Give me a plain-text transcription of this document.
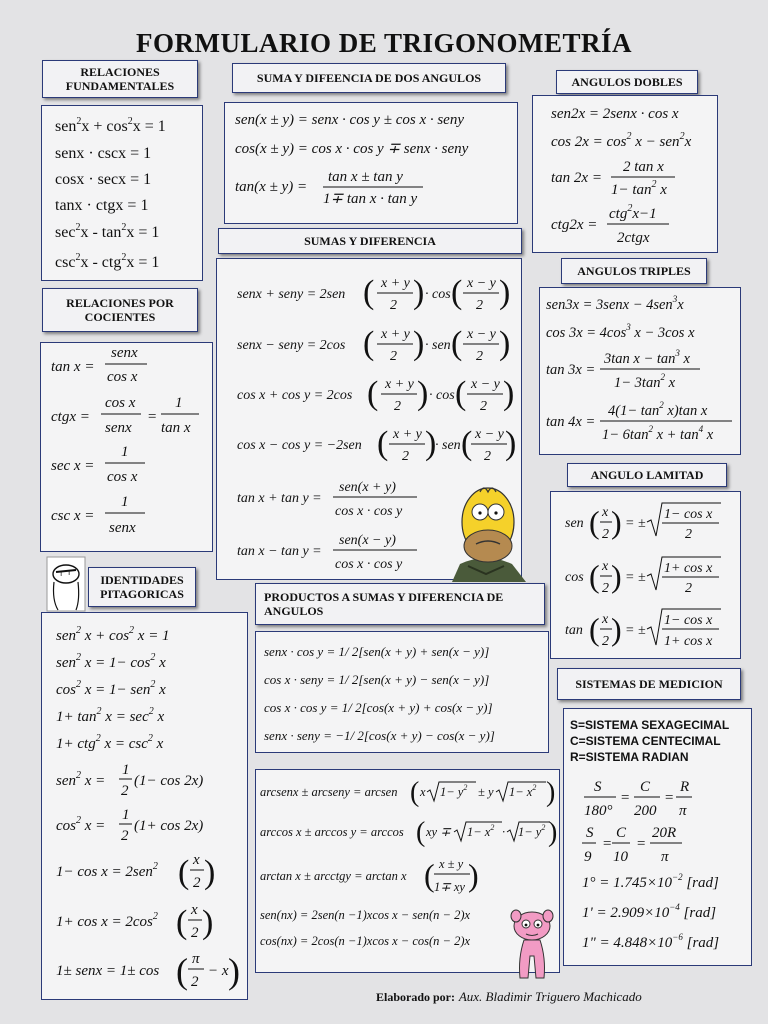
FORMULARIO DE TRIGONOMETRÍA
RELACIONES FUNDAMENTALES
$sen^2x + \cos^2x = 1$
senx · cscx = 1
cosx · secx = 1
tanx · ctgx = 1
$\sec^2x - \tan^2x = 1$
$\csc^2x - ctg^2x = 1$
SUMA Y DIFEENCIA DE DOS ANGULOS
sen(x ± y) = senx · cos y ± cos x · seny
cos(x ± y) = cos x · cos y ∓ senx · seny
tan(x ± y) =
tan x ± tan y
1∓ tan x · tan y
ANGULOS DOBLES
sen2x = 2senx · cos x
$\cos 2x = \cos^2 x - sen^2x$
tan 2x =
2 tan x
$1- \tan^2 x$
ctg2x =
ctg$^2$x−1
2ctgx
SUMAS Y DIFERENCIA
senx + seny = 2sen ( x + y
2 ) · cos ( x − y
2 )
senx − seny = 2cos ( x + y
2 ) · sen ( x − y
2 )
cos x + cos y = 2cos ( x + y
2 ) · cos ( x − y
2 )
cos x − cos y = −2sen ( x + y
2 )
· sen ( x − y
2 )
tan x + tan y =
sen(x + y)
cos x · cos y
tan x − tan y =
sen(x − y)
cos x · cos y
ANGULOS TRIPLES
sen3x = 3senx − 4sen$^3$x
$\cos 3x = 4\cos^3$ x − 3cos x
tan 3x =
3tan $x - \tan^3 x$
$1- 3\tan^2$ x
tan 4x =
$4(1- \tan^2 x)\tan$ x
$1- 6\tan^2$ $x + \tan^4 x$
RELACIONES POR COCIENTES
tan x =
senx
cos x
ctgx =
cos x
senx
=
1
tan x
sec x =
1
cos x
csc x =
1
senx
ANGULO LAMITAD
sen ( x
2 ) = ±
1− cos x
2
cos ( x
2 ) = ±
1+ cos x
2
tan ( x
2 ) = ±
1− cos x
1+ cos x
T T	IDENTIDADES PITAGORICAS
sen$^2$ $x + \cos^2 x = 1$
sen$^2$ $x = 1- \cos^2 x$
$\cos^2 x = 1- sen^2$ x
$1+ \tan^2 x = \sec^2 x$
1+ ctg$^2$ $x = \csc^2 x$
sen$^2$ x =
1
2
(1− cos 2x)
$\cos^2 x$ =
1
2
(1+ cos 2x)
1− cos x = 2sen$^2$ ( x
2 )
$1+ \cos x = 2\cos^2$ ( x
2 )
1± senx = 1± cos ( π
2
− x )
PRODUCTOS A SUMAS Y DIFERENCIA DE ANGULOS
senx · cos y = 1/ 2[sen(x + y) + sen(x − y)]
cos x · seny = 1/ 2[sen(x + y) − sen(x − y)]
cos x · cos y = 1/ 2[cos(x + y) + cos(x − y)]
senx · seny = −1/ 2[cos(x + y) − cos(x − y)]
arcsenx ± arcseny = arcsen ( x $1- y^2 \pm y$ $1- x^2$ )
arccos x ± arccos y = arccos ( xy ∓ $1- x^2 \cdot 1- y^2$ )
arctan x ± arcctgy = arctan x ( x ± y
1∓ xy )
sen(nx) = 2sen(n −1)xcos x − sen(n − 2)x
cos(nx) = 2cos(n −1)xcos x − cos(n − 2)x
SISTEMAS DE MEDICION
S=SISTEMA SEXAGECIMAL
C=SISTEMA CENTECIMAL
R=SISTEMA RADIAN
S
180°
=
C
200
=
R
π
S
9
=
C
10
=
20R
π
$1^\circ = 1.745\times 10^{-2}$ [rad]
$1' = 2.909\times 10^{-4}$ [rad]
1" = $4.848\times 10^{-6}$ [rad]
Elaborado por: Aux. Bladimir Triguero Machicado
